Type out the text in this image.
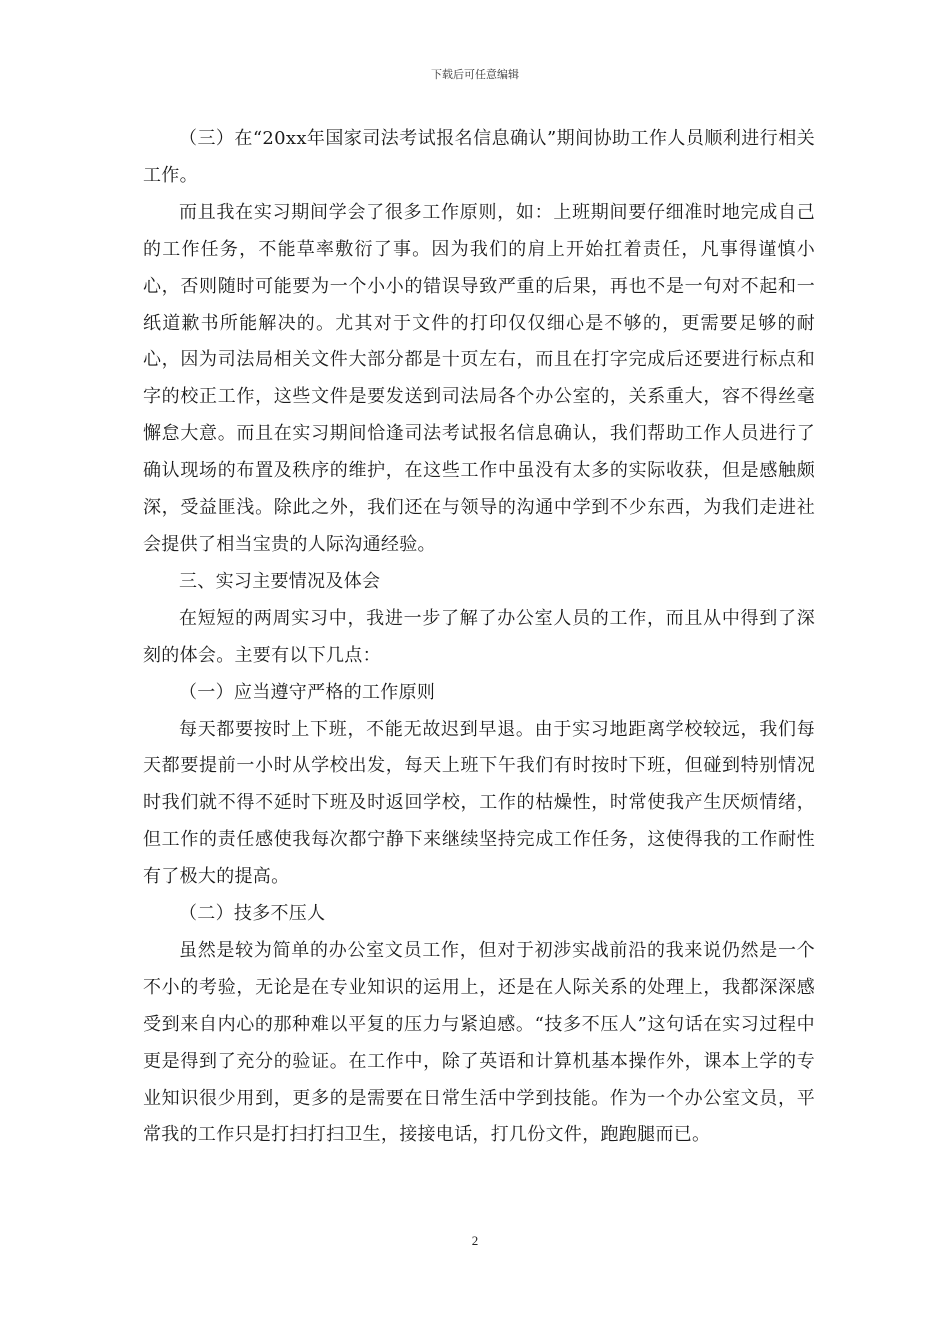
下载后可任意编辑

（三）在“20xx年国家司法考试报名信息确认”期间协助工作人员顺利进行相关工作。

而且我在实习期间学会了很多工作原则，如：上班期间要仔细准时地完成自己的工作任务，不能草率敷衍了事。因为我们的肩上开始扛着责任，凡事得谨慎小心，否则随时可能要为一个小小的错误导致严重的后果，再也不是一句对不起和一纸道歉书所能解决的。尤其对于文件的打印仅仅细心是不够的，更需要足够的耐心，因为司法局相关文件大部分都是十页左右，而且在打字完成后还要进行标点和字的校正工作，这些文件是要发送到司法局各个办公室的，关系重大，容不得丝毫懈怠大意。而且在实习期间恰逢司法考试报名信息确认，我们帮助工作人员进行了确认现场的布置及秩序的维护，在这些工作中虽没有太多的实际收获，但是感触颇深，受益匪浅。除此之外，我们还在与领导的沟通中学到不少东西，为我们走进社会提供了相当宝贵的人际沟通经验。

三、实习主要情况及体会

在短短的两周实习中，我进一步了解了办公室人员的工作，而且从中得到了深刻的体会。主要有以下几点：

（一）应当遵守严格的工作原则

每天都要按时上下班，不能无故迟到早退。由于实习地距离学校较远，我们每天都要提前一小时从学校出发，每天上班下午我们有时按时下班，但碰到特别情况时我们就不得不延时下班及时返回学校，工作的枯燥性，时常使我产生厌烦情绪，但工作的责任感使我每次都宁静下来继续坚持完成工作任务，这使得我的工作耐性有了极大的提高。

（二）技多不压人

虽然是较为简单的办公室文员工作，但对于初涉实战前沿的我来说仍然是一个不小的考验，无论是在专业知识的运用上，还是在人际关系的处理上，我都深深感受到来自内心的那种难以平复的压力与紧迫感。“技多不压人”这句话在实习过程中更是得到了充分的验证。在工作中，除了英语和计算机基本操作外，课本上学的专业知识很少用到，更多的是需要在日常生活中学到技能。作为一个办公室文员，平常我的工作只是打扫打扫卫生，接接电话，打几份文件，跑跑腿而已。

2
